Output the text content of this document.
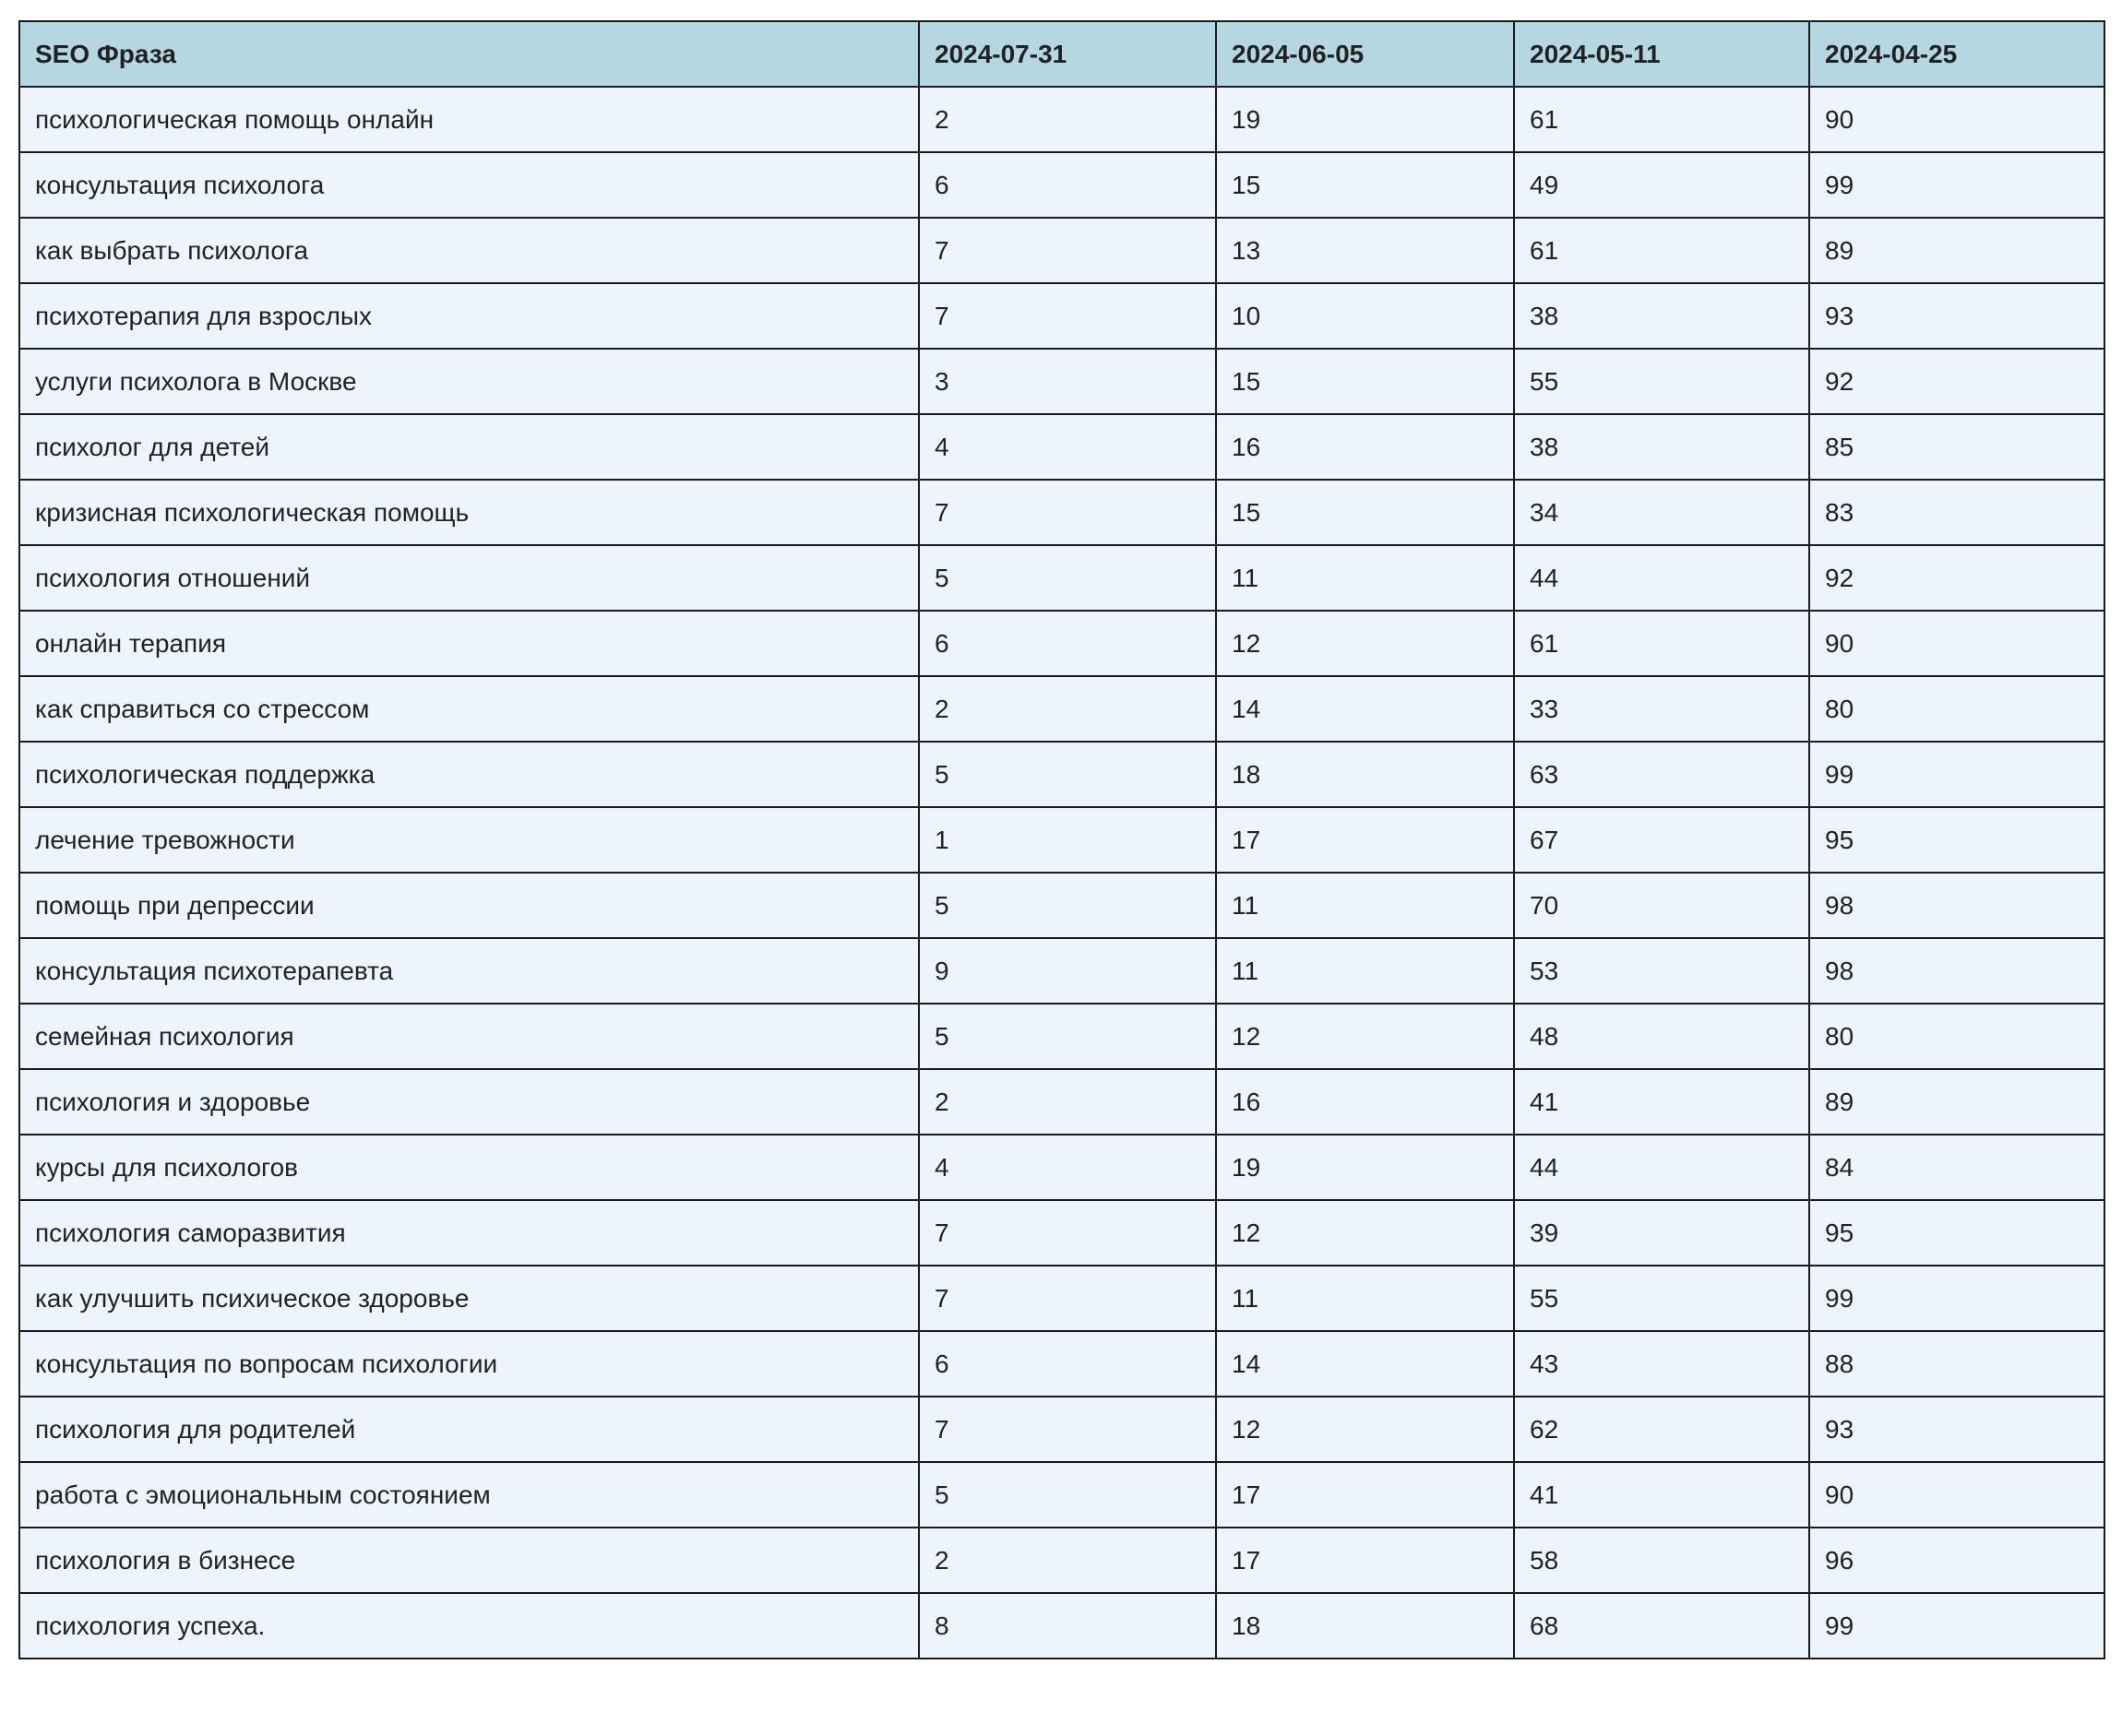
SEO Фраза	2024-07-31	2024-06-05	2024-05-11	2024-04-25
психологическая помощь онлайн	2	19	61	90
консультация психолога	6	15	49	99
как выбрать психолога	7	13	61	89
психотерапия для взрослых	7	10	38	93
услуги психолога в Москве	3	15	55	92
психолог для детей	4	16	38	85
кризисная психологическая помощь	7	15	34	83
психология отношений	5	11	44	92
онлайн терапия	6	12	61	90
как справиться со стрессом	2	14	33	80
психологическая поддержка	5	18	63	99
лечение тревожности	1	17	67	95
помощь при депрессии	5	11	70	98
консультация психотерапевта	9	11	53	98
семейная психология	5	12	48	80
психология и здоровье	2	16	41	89
курсы для психологов	4	19	44	84
психология саморазвития	7	12	39	95
как улучшить психическое здоровье	7	11	55	99
консультация по вопросам психологии	6	14	43	88
психология для родителей	7	12	62	93
работа с эмоциональным состоянием	5	17	41	90
психология в бизнесе	2	17	58	96
психология успеха.	8	18	68	99
